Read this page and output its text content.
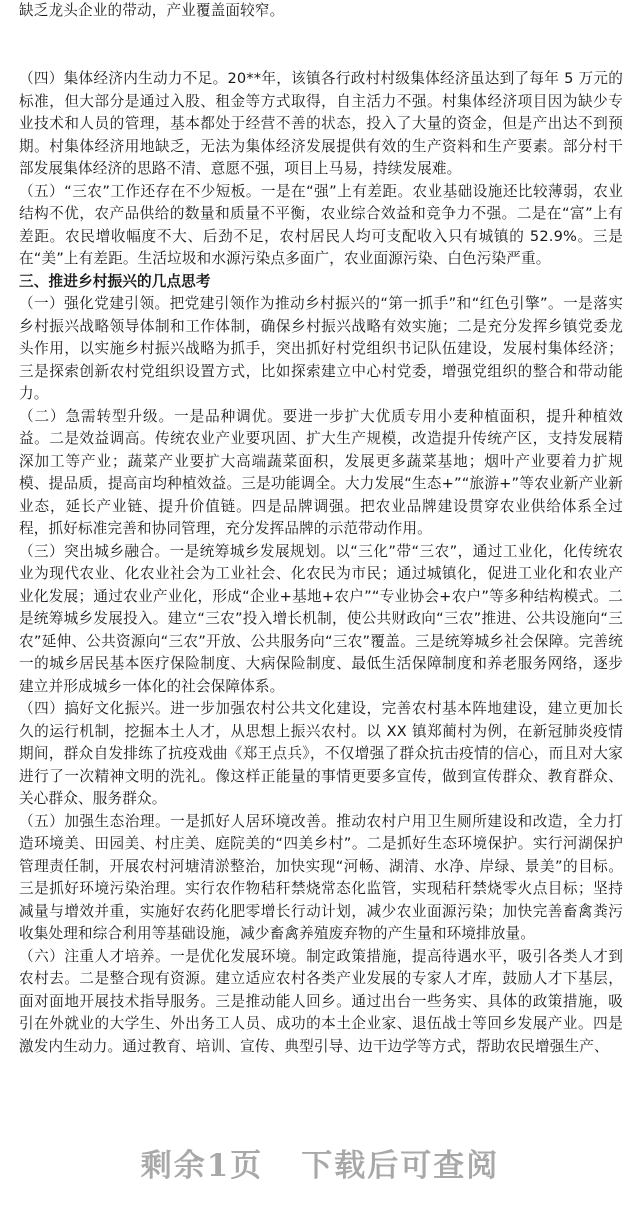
缺乏龙头企业的带动，产业覆盖面较窄。

（四）集体经济内生动力不足。20**年，该镇各行政村村级集体经济虽达到了每年 5 万元的标准，但大部分是通过入股、租金等方式取得，自主活力不强。村集体经济项目因为缺少专业技术和人员的管理，基本都处于经营不善的状态，投入了大量的资金，但是产出达不到预期。村集体经济用地缺乏，无法为集体经济发展提供有效的生产资料和生产要素。部分村干部发展集体经济的思路不清、意愿不强，项目上马易，持续发展难。

（五）“三农”工作还存在不少短板。一是在“强”上有差距。农业基础设施还比较薄弱，农业结构不优，农产品供给的数量和质量不平衡，农业综合效益和竞争力不强。二是在“富”上有差距。农民增收幅度不大、后劲不足，农村居民人均可支配收入只有城镇的 52.9%。三是在“美”上有差距。生活垃圾和水源污染点多面广，农业面源污染、白色污染严重。

三、推进乡村振兴的几点思考

（一）强化党建引领。把党建引领作为推动乡村振兴的“第一抓手”和“红色引擎”。一是落实乡村振兴战略领导体制和工作体制，确保乡村振兴战略有效实施；二是充分发挥乡镇党委龙头作用，以实施乡村振兴战略为抓手，突出抓好村党组织书记队伍建设，发展村集体经济；三是探索创新农村党组织设置方式，比如探索建立中心村党委，增强党组织的整合和带动能力。

（二）急需转型升级。一是品种调优。要进一步扩大优质专用小麦种植面积，提升种植效益。二是效益调高。传统农业产业要巩固、扩大生产规模，改造提升传统产区，支持发展精深加工等产业；蔬菜产业要扩大高端蔬菜面积，发展更多蔬菜基地；烟叶产业要着力扩规模、提品质，提高亩均种植效益。三是功能调全。大力发展“生态+”“旅游+”等农业新产业新业态，延长产业链、提升价值链。四是品牌调强。把农业品牌建设贯穿农业供给体系全过程，抓好标准完善和协同管理，充分发挥品牌的示范带动作用。

（三）突出城乡融合。一是统筹城乡发展规划。以“三化”带“三农”，通过工业化，化传统农业为现代农业、化农业社会为工业社会、化农民为市民；通过城镇化，促进工业化和农业产业化发展；通过农业产业化，形成“企业+基地+农户”“专业协会+农户”等多种结构模式。二是统筹城乡发展投入。建立“三农”投入增长机制，使公共财政向“三农”推进、公共设施向“三农”延伸、公共资源向“三农”开放、公共服务向“三农”覆盖。三是统筹城乡社会保障。完善统一的城乡居民基本医疗保险制度、大病保险制度、最低生活保障制度和养老服务网络，逐步建立并形成城乡一体化的社会保障体系。

（四）搞好文化振兴。进一步加强农村公共文化建设，完善农村基本阵地建设，建立更加长久的运行机制，挖掘本土人才，从思想上振兴农村。以 XX 镇郑蔺村为例，在新冠肺炎疫情期间，群众自发排练了抗疫戏曲《郑王点兵》，不仅增强了群众抗击疫情的信心，而且对大家进行了一次精神文明的洗礼。像这样正能量的事情更要多宣传，做到宣传群众、教育群众、关心群众、服务群众。

（五）加强生态治理。一是抓好人居环境改善。推动农村户用卫生厕所建设和改造，全力打造环境美、田园美、村庄美、庭院美的“四美乡村”。二是抓好生态环境保护。实行河湖保护管理责任制，开展农村河塘清淤整治，加快实现“河畅、湖清、水净、岸绿、景美”的目标。三是抓好环境污染治理。实行农作物秸秆禁烧常态化监管，实现秸秆禁烧零火点目标；坚持减量与增效并重，实施好农药化肥零增长行动计划，减少农业面源污染；加快完善畜禽粪污收集处理和综合利用等基础设施，减少畜禽养殖废弃物的产生量和环境排放量。

（六）注重人才培养。一是优化发展环境。制定政策措施，提高待遇水平，吸引各类人才到农村去。二是整合现有资源。建立适应农村各类产业发展的专家人才库，鼓励人才下基层，面对面地开展技术指导服务。三是推动能人回乡。通过出台一些务实、具体的政策措施，吸引在外就业的大学生、外出务工人员、成功的本土企业家、退伍战士等回乡发展产业。四是激发内生动力。通过教育、培训、宣传、典型引导、边干边学等方式，帮助农民增强生产、

剩余1页 下载后可查阅
